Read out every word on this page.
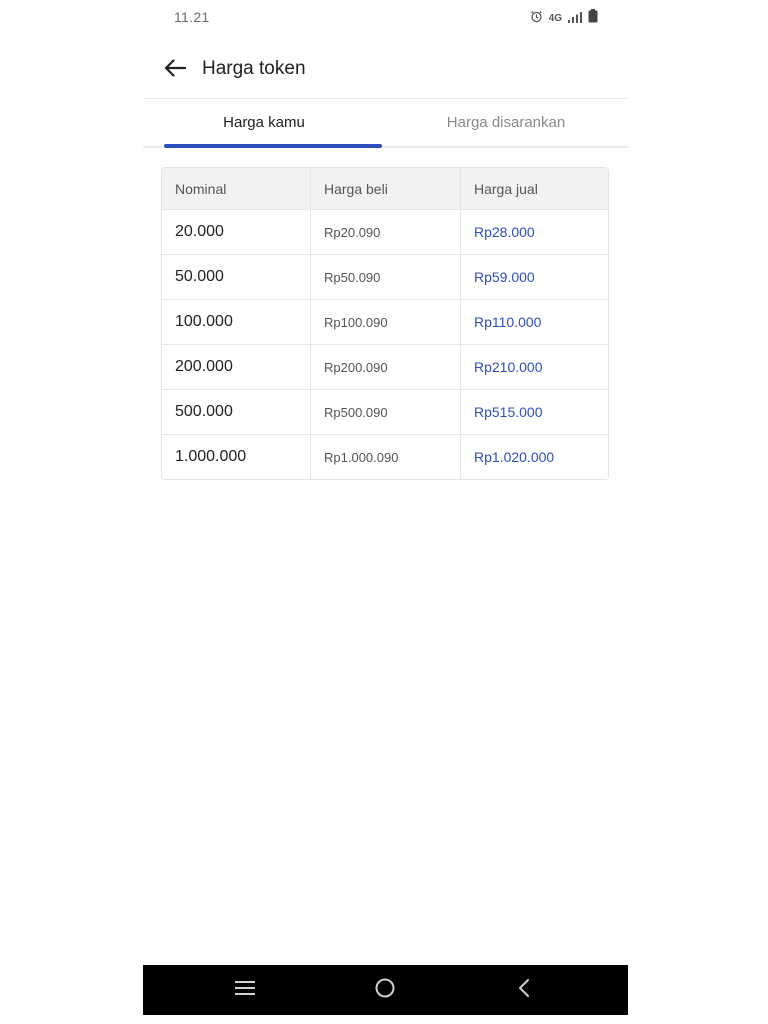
11.21	4G
Harga token
Harga kamu	Harga disarankan
Nominal	Harga beli	Harga jual
20.000	Rp20.090	Rp28.000
50.000	Rp50.090	Rp59.000
100.000	Rp100.090	Rp110.000
200.000	Rp200.090	Rp210.000
500.000	Rp500.090	Rp515.000
1.000.000	Rp1.000.090	Rp1.020.000
